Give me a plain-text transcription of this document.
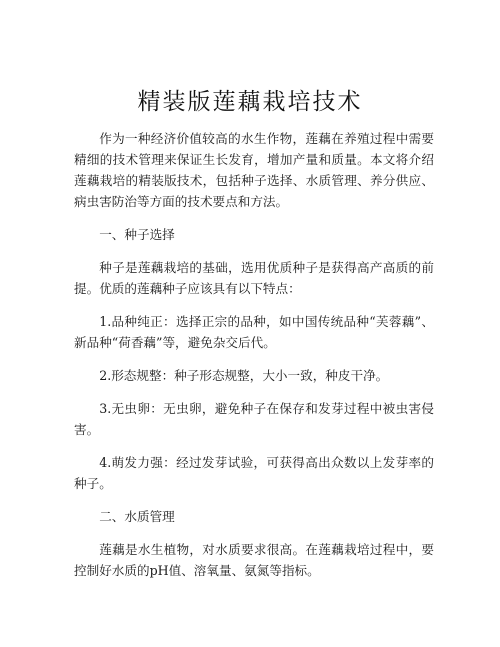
精装版莲藕栽培技术

作为一种经济价值较高的水生作物，莲藕在养殖过程中需要精细的技术管理来保证生长发育，增加产量和质量。本文将介绍莲藕栽培的精装版技术，包括种子选择、水质管理、养分供应、病虫害防治等方面的技术要点和方法。

一、种子选择

种子是莲藕栽培的基础，选用优质种子是获得高产高质的前提。优质的莲藕种子应该具有以下特点：

1.品种纯正：选择正宗的品种，如中国传统品种“芙蓉藕”、新品种“荷香藕”等，避免杂交后代。

2.形态规整：种子形态规整，大小一致，种皮干净。

3.无虫卵：无虫卵，避免种子在保存和发芽过程中被虫害侵害。

4.萌发力强：经过发芽试验，可获得高出众数以上发芽率的种子。

二、水质管理

莲藕是水生植物，对水质要求很高。在莲藕栽培过程中，要控制好水质的pH值、溶氧量、氨氮等指标。
